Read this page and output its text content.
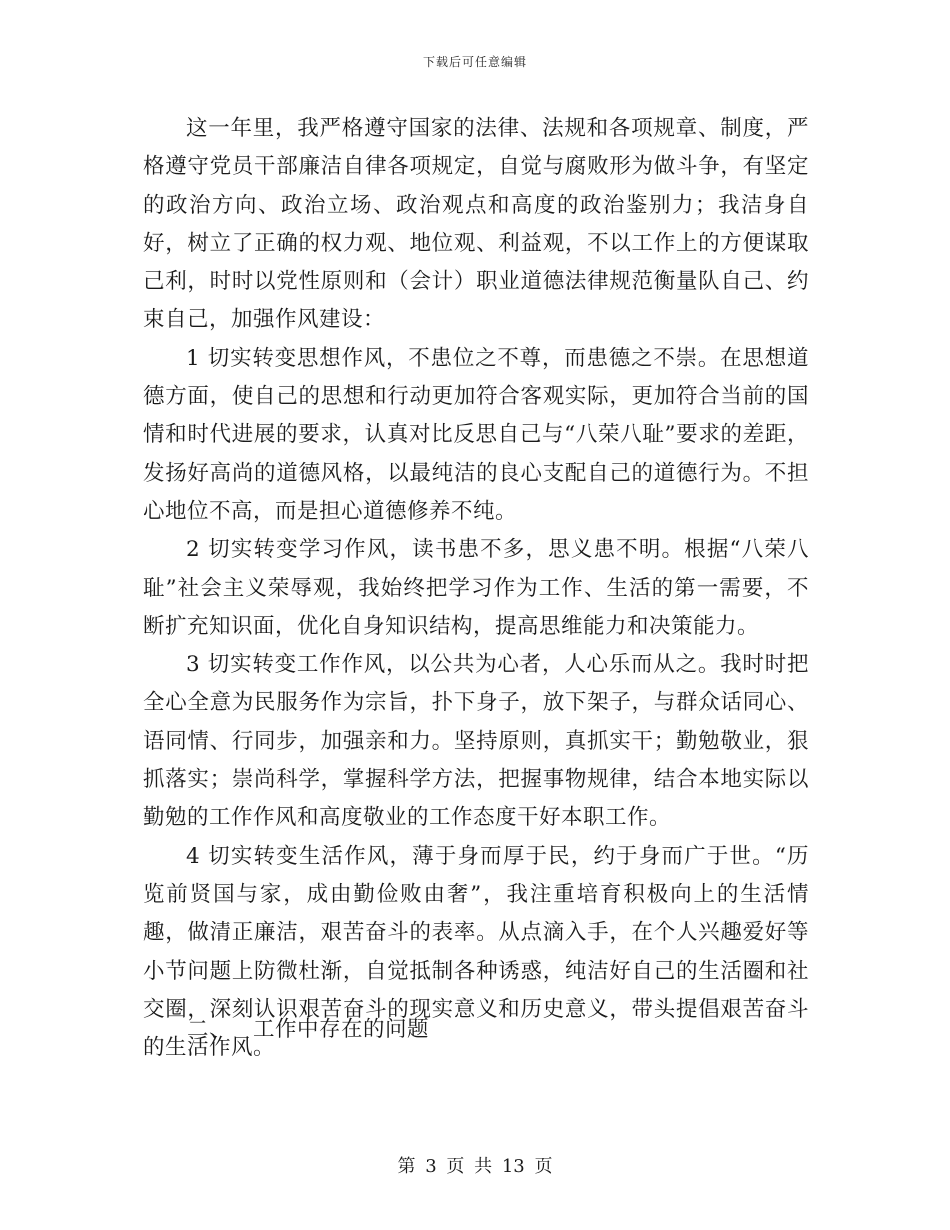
下载后可任意编辑

这一年里，我严格遵守国家的法律、法规和各项规章、制度，严格遵守党员干部廉洁自律各项规定，自觉与腐败形为做斗争，有坚定的政治方向、政治立场、政治观点和高度的政治鉴别力；我洁身自好，树立了正确的权力观、地位观、利益观，不以工作上的方便谋取己利，时时以党性原则和（会计）职业道德法律规范衡量队自己、约束自己，加强作风建设：

1 切实转变思想作风，不患位之不尊，而患德之不崇。在思想道德方面，使自己的思想和行动更加符合客观实际，更加符合当前的国情和时代进展的要求，认真对比反思自己与“八荣八耻”要求的差距，发扬好高尚的道德风格，以最纯洁的良心支配自己的道德行为。不担心地位不高，而是担心道德修养不纯。

2 切实转变学习作风，读书患不多，思义患不明。根据“八荣八耻”社会主义荣辱观，我始终把学习作为工作、生活的第一需要，不断扩充知识面，优化自身知识结构，提高思维能力和决策能力。

3 切实转变工作作风，以公共为心者，人心乐而从之。我时时把全心全意为民服务作为宗旨，扑下身子，放下架子，与群众话同心、语同情、行同步，加强亲和力。坚持原则，真抓实干；勤勉敬业，狠抓落实；崇尚科学，掌握科学方法，把握事物规律，结合本地实际以勤勉的工作作风和高度敬业的工作态度干好本职工作。

4 切实转变生活作风，薄于身而厚于民，约于身而广于世。“历览前贤国与家，成由勤俭败由奢”，我注重培育积极向上的生活情趣，做清正廉洁，艰苦奋斗的表率。从点滴入手，在个人兴趣爱好等小节问题上防微杜渐，自觉抵制各种诱惑，纯洁好自己的生活圈和社交圈，深刻认识艰苦奋斗的现实意义和历史意义，带头提倡艰苦奋斗的生活作风。

二、 工作中存在的问题
第 3 页 共 13 页
